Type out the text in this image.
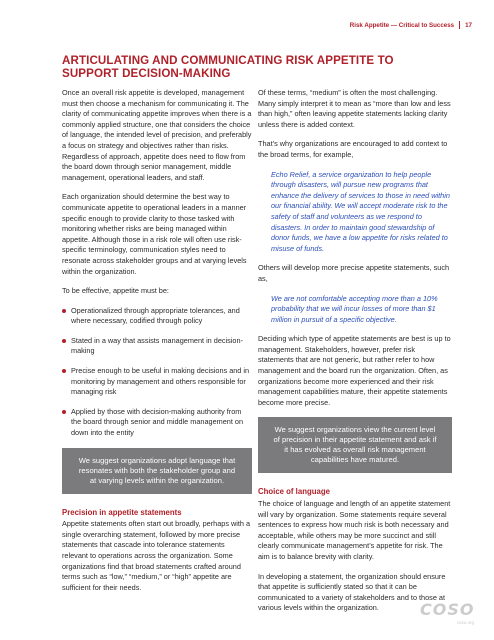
Risk Appetite — Critical to Success 17
ARTICULATING AND COMMUNICATING RISK APPETITE TO SUPPORT DECISION-MAKING

Once an overall risk appetite is developed, management must then choose a mechanism for communicating it. The clarity of communicating appetite improves when there is a commonly applied structure, one that considers the choice of language, the intended level of precision, and preferably a focus on strategy and objectives rather than risks. Regardless of approach, appetite does need to flow from the board down through senior management, middle management, operational leaders, and staff.

Each organization should determine the best way to communicate appetite to operational leaders in a manner specific enough to provide clarity to those tasked with monitoring whether risks are being managed within appetite. Although those in a risk role will often use risk-specific terminology, communication styles need to resonate across stakeholder groups and at varying levels within the organization.

To be effective, appetite must be:

Operationalized through appropriate tolerances, and where necessary, codified through policy
Stated in a way that assists management in decision-making
Precise enough to be useful in making decisions and in monitoring by management and others responsible for managing risk
Applied by those with decision-making authority from the board through senior and middle management on down into the entity
We suggest organizations adopt language that resonates with both the stakeholder group and at varying levels within the organization.
Precision in appetite statements

Appetite statements often start out broadly, perhaps with a single overarching statement, followed by more precise statements that cascade into tolerance statements relevant to operations across the organization. Some organizations find that broad statements crafted around terms such as “low,” “medium,” or “high” appetite are sufficient for their needs.

Of these terms, “medium” is often the most challenging. Many simply interpret it to mean as “more than low and less than high,” often leaving appetite statements lacking clarity unless there is added context.

That’s why organizations are encouraged to add context to the broad terms, for example,

Echo Relief, a service organization to help people through disasters, will pursue new programs that enhance the delivery of services to those in need within our financial ability. We will accept moderate risk to the safety of staff and volunteers as we respond to disasters. In order to maintain good stewardship of donor funds, we have a low appetite for risks related to misuse of funds.

Others will develop more precise appetite statements, such as,

We are not comfortable accepting more than a 10% probability that we will incur losses of more than $1 million in pursuit of a specific objective.

Deciding which type of appetite statements are best is up to management. Stakeholders, however, prefer risk statements that are not generic, but rather refer to how management and the board run the organization. Often, as organizations become more experienced and their risk management capabilities mature, their appetite statements become more precise.

We suggest organizations view the current level of precision in their appetite statement and ask if it has evolved as overall risk management capabilities have matured.
Choice of language

The choice of language and length of an appetite statement will vary by organization. Some statements require several sentences to express how much risk is both necessary and acceptable, while others may be more succinct and still clearly communicate management’s appetite for risk. The aim is to balance brevity with clarity.

In developing a statement, the organization should ensure that appetite is sufficiently stated so that it can be communicated to a variety of stakeholders and to those at various levels within the organization.	COSO
coso.org
